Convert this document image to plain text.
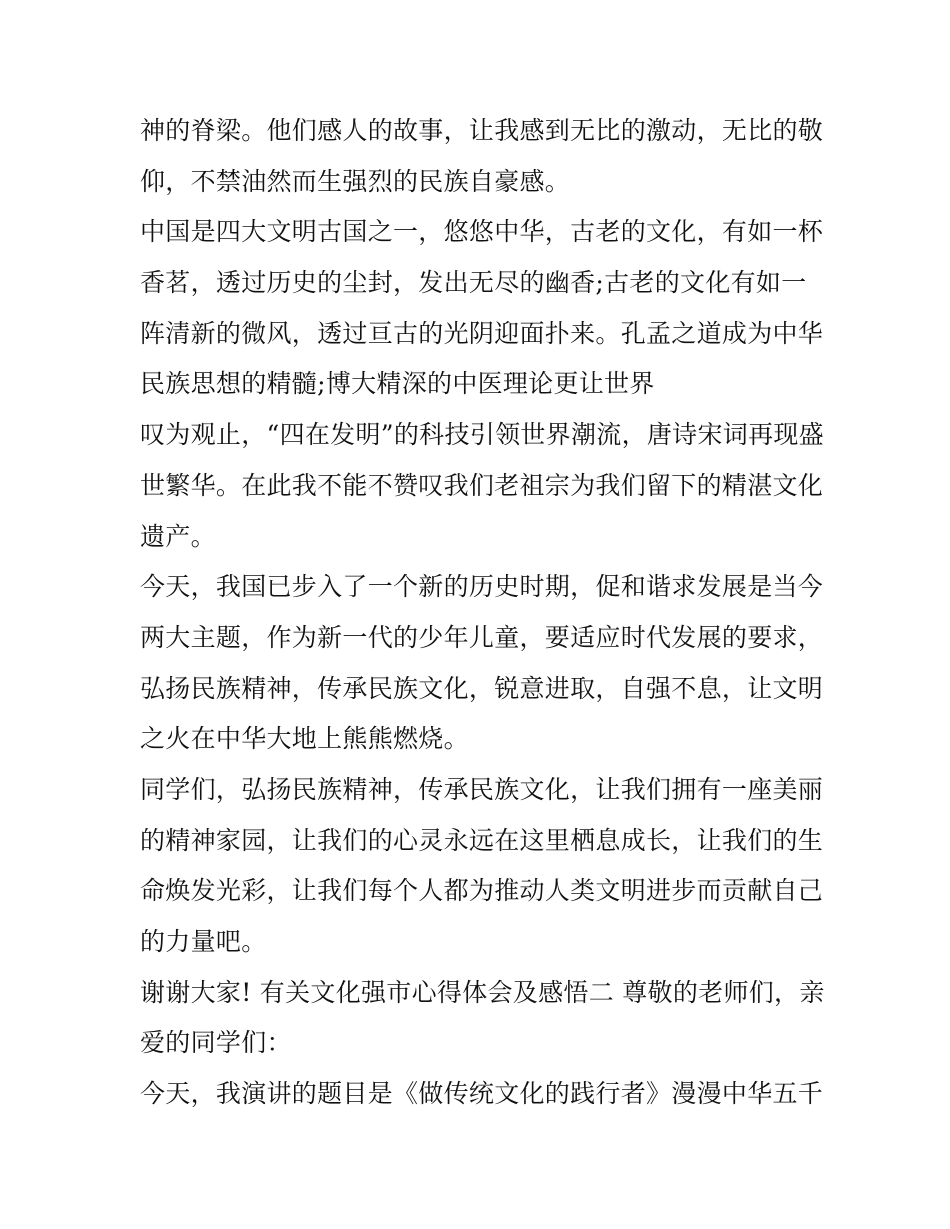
神的脊梁。他们感人的故事，让我感到无比的激动，无比的敬
仰，不禁油然而生强烈的民族自豪感。
中国是四大文明古国之一，悠悠中华，古老的文化，有如一杯
香茗，透过历史的尘封，发出无尽的幽香;古老的文化有如一
阵清新的微风，透过亘古的光阴迎面扑来。孔孟之道成为中华
民族思想的精髓;博大精深的中医理论更让世界
叹为观止，“四在发明”的科技引领世界潮流，唐诗宋词再现盛
世繁华。在此我不能不赞叹我们老祖宗为我们留下的精湛文化
遗产。
今天，我国已步入了一个新的历史时期，促和谐求发展是当今
两大主题，作为新一代的少年儿童，要适应时代发展的要求，
弘扬民族精神，传承民族文化，锐意进取，自强不息，让文明
之火在中华大地上熊熊燃烧。
同学们，弘扬民族精神，传承民族文化，让我们拥有一座美丽
的精神家园，让我们的心灵永远在这里栖息成长，让我们的生
命焕发光彩，让我们每个人都为推动人类文明进步而贡献自己
的力量吧。
谢谢大家! 有关文化强市心得体会及感悟二 尊敬的老师们，亲
爱的同学们：
今天，我演讲的题目是《做传统文化的践行者》漫漫中华五千
